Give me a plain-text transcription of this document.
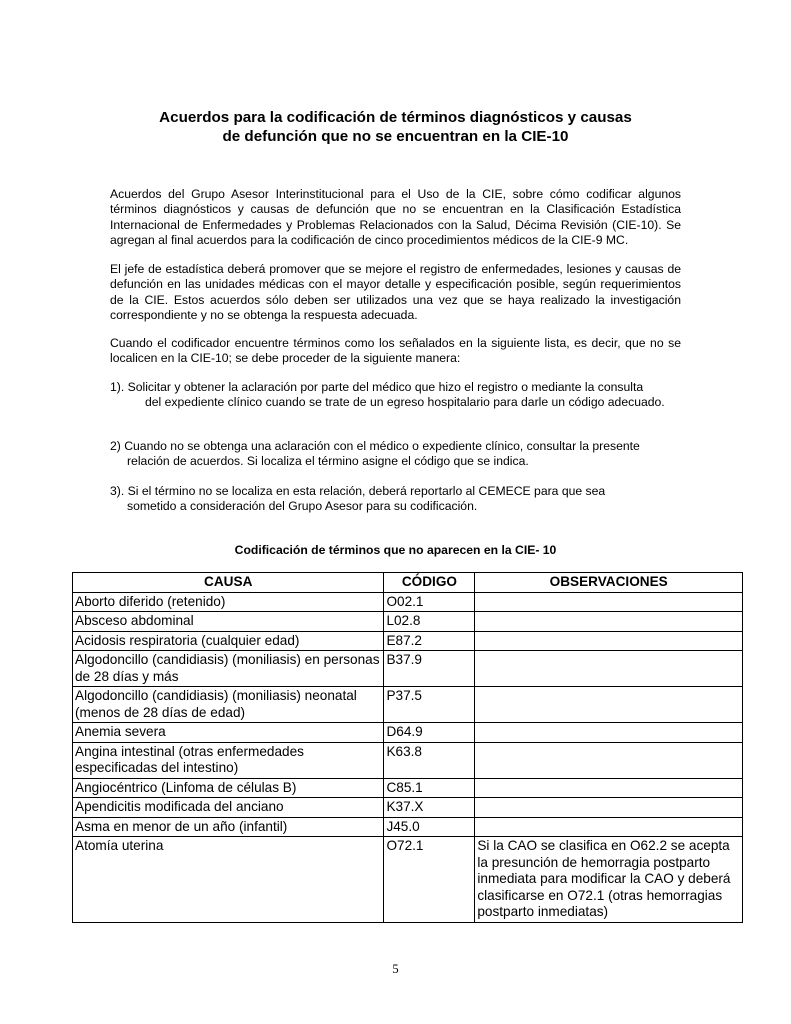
Acuerdos para la codificación de términos diagnósticos y causas
de defunción que no se encuentran en la CIE-10
Acuerdos del Grupo Asesor Interinstitucional para el Uso de la CIE, sobre cómo codificar algunos términos diagnósticos y causas de defunción que no se encuentran en la Clasificación Estadística Internacional de Enfermedades y Problemas Relacionados con la Salud, Décima Revisión (CIE-10). Se agregan al final acuerdos para la codificación de cinco procedimientos médicos de la CIE-9 MC.
El jefe de estadística deberá promover que se mejore el registro de enfermedades, lesiones y causas de defunción en las unidades médicas con el mayor detalle y especificación posible, según requerimientos de la CIE. Estos acuerdos sólo deben ser utilizados una vez que se haya realizado la investigación correspondiente y no se obtenga la respuesta adecuada.
Cuando el codificador encuentre términos como los señalados en la siguiente lista, es decir, que no se localicen en la CIE-10; se debe proceder de la siguiente manera:
1). Solicitar y obtener la aclaración por parte del médico que hizo el registro o mediante la consulta
del expediente clínico cuando se trate de un egreso hospitalario para darle un código adecuado.
2) Cuando no se obtenga una aclaración con el médico o expediente clínico, consultar la presente
relación de acuerdos. Si localiza el término asigne el código que se indica.
3). Si el término no se localiza en esta relación, deberá reportarlo al CEMECE para que sea
sometido a consideración del Grupo Asesor para su codificación.
Codificación de términos que no aparecen en la CIE- 10
CAUSA	CÓDIGO	OBSERVACIONES
Aborto diferido (retenido)	O02.1	
Absceso abdominal	L02.8	
Acidosis respiratoria (cualquier edad)	E87.2	
Algodoncillo (candidiasis) (moniliasis) en personas de 28 días y más	B37.9	
Algodoncillo (candidiasis) (moniliasis) neonatal (menos de 28 días de edad)	P37.5	
Anemia severa	D64.9	
Angina intestinal (otras enfermedades especificadas del intestino)	K63.8	
Angiocéntrico (Linfoma de células B)	C85.1	
Apendicitis modificada del anciano	K37.X	
Asma en menor de un año (infantil)	J45.0	
Atomía uterina	O72.1	Si la CAO se clasifica en O62.2 se acepta la presunción de hemorragia postparto inmediata para modificar la CAO y deberá clasificarse en O72.1 (otras hemorragias postparto inmediatas)
5
